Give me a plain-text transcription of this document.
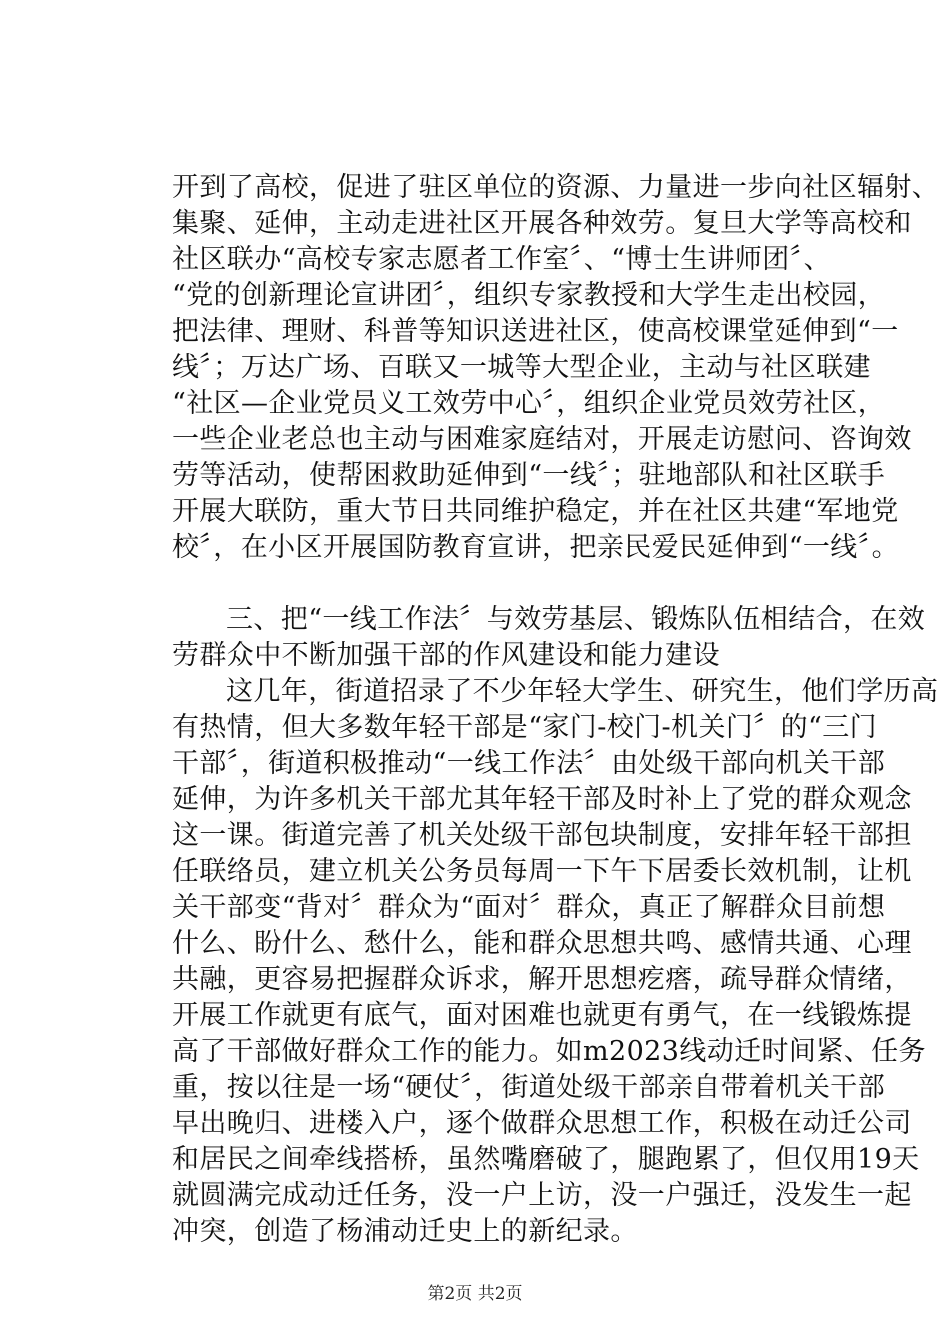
开到了高校，促进了驻区单位的资源、力量进一步向社区辐射、
集聚、延伸，主动走进社区开展各种效劳。复旦大学等高校和
社区联办“高校专家志愿者工作室〞、“博士生讲师团〞、
“党的创新理论宣讲团〞，组织专家教授和大学生走出校园，
把法律、理财、科普等知识送进社区，使高校课堂延伸到“一
线〞；万达广场、百联又一城等大型企业，主动与社区联建
“社区—企业党员义工效劳中心〞，组织企业党员效劳社区，
一些企业老总也主动与困难家庭结对，开展走访慰问、咨询效
劳等活动，使帮困救助延伸到“一线〞；驻地部队和社区联手
开展大联防，重大节日共同维护稳定，并在社区共建“军地党
校〞，在小区开展国防教育宣讲，把亲民爱民延伸到“一线〞。
三、把“一线工作法〞与效劳基层、锻炼队伍相结合，在效
劳群众中不断加强干部的作风建设和能力建设
这几年，街道招录了不少年轻大学生、研究生，他们学历高
有热情，但大多数年轻干部是“家门-校门-机关门〞的“三门
干部〞，街道积极推动“一线工作法〞由处级干部向机关干部
延伸，为许多机关干部尤其年轻干部及时补上了党的群众观念
这一课。街道完善了机关处级干部包块制度，安排年轻干部担
任联络员，建立机关公务员每周一下午下居委长效机制，让机
关干部变“背对〞群众为“面对〞群众，真正了解群众目前想
什么、盼什么、愁什么，能和群众思想共鸣、感情共通、心理
共融，更容易把握群众诉求，解开思想疙瘩，疏导群众情绪，
开展工作就更有底气，面对困难也就更有勇气，在一线锻炼提
高了干部做好群众工作的能力。如m2023线动迁时间紧、任务
重，按以往是一场“硬仗〞，街道处级干部亲自带着机关干部
早出晚归、进楼入户，逐个做群众思想工作，积极在动迁公司
和居民之间牵线搭桥，虽然嘴磨破了，腿跑累了，但仅用19天
就圆满完成动迁任务，没一户上访，没一户强迁，没发生一起
冲突，创造了杨浦动迁史上的新纪录。
第2页 共2页
